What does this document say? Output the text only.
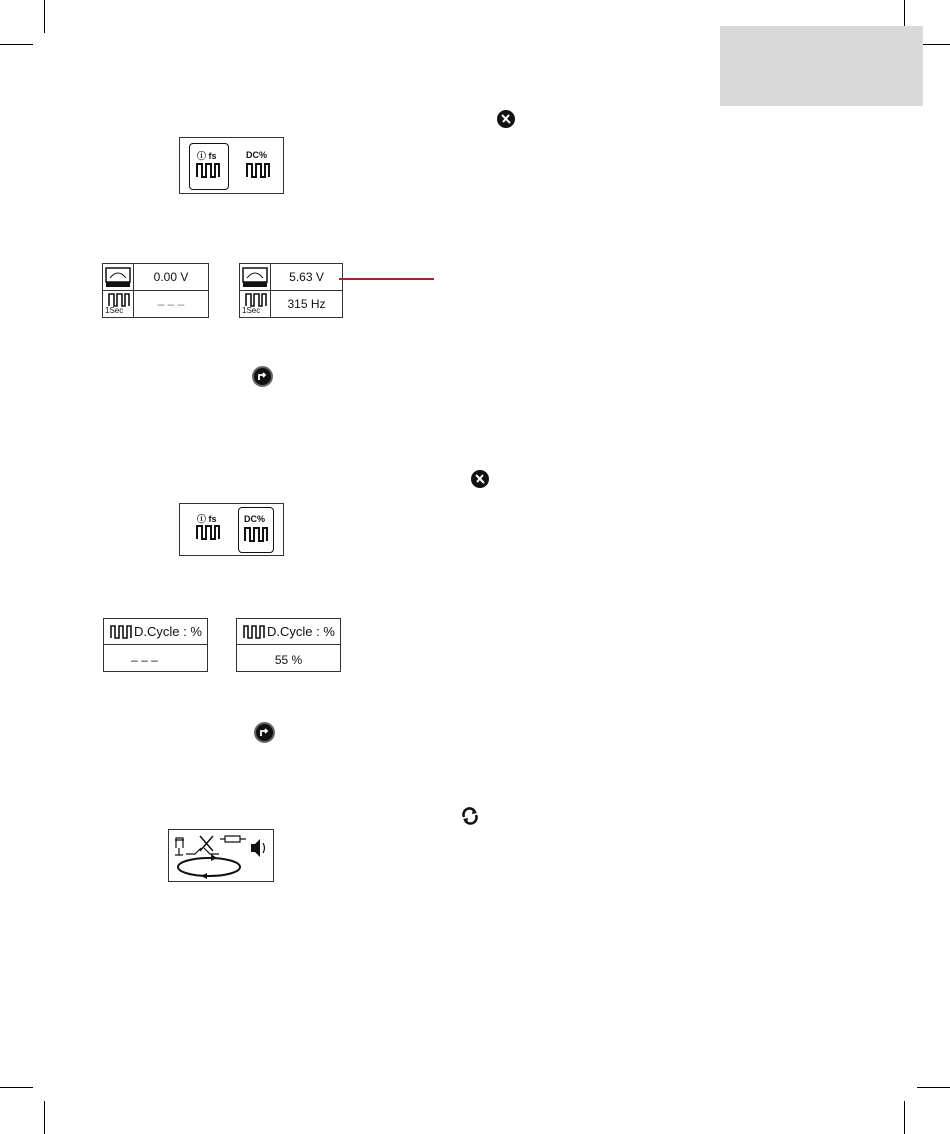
ⓘ fs	DC%
0.00 V
1Sec	– – –
5.63 V
1Sec	315 Hz
ⓘ fs	DC%
D.Cycle : %
– – –
D.Cycle : %
55 %
